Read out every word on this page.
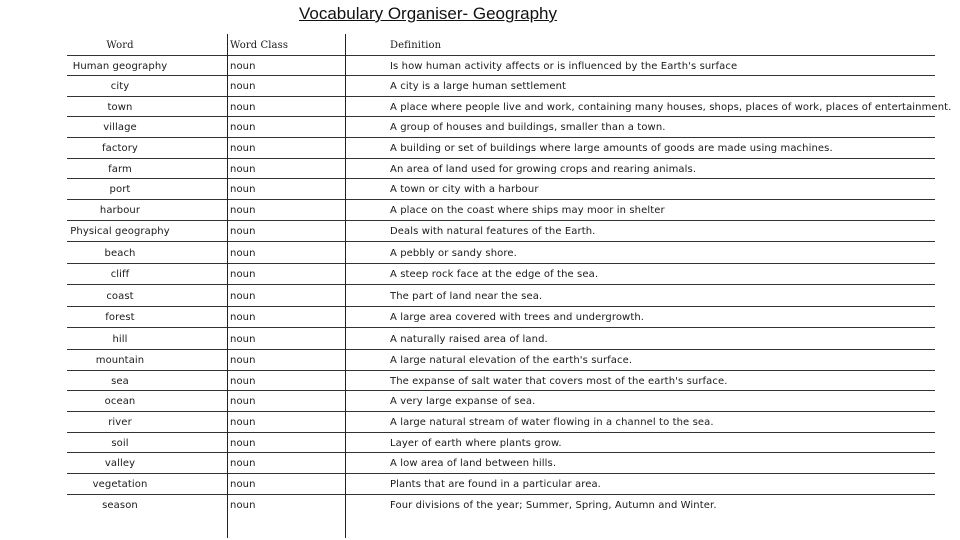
Vocabulary Organiser- Geography
Word	Word Class	Definition
Human geography	noun	Is how human activity affects or is influenced by the Earth's surface
city	noun	A city is a large human settlement
town	noun	A place where people live and work, containing many houses, shops, places of work, places of entertainment.
village	noun	A group of houses and buildings, smaller than a town.
factory	noun	A building or set of buildings where large amounts of goods are made using machines.
farm	noun	An area of land used for growing crops and rearing animals.
port	noun	A town or city with a harbour
harbour	noun	A place on the coast where ships may moor in shelter
Physical geography	noun	Deals with natural features of the Earth.
beach	noun	A pebbly or sandy shore.
cliff	noun	A steep rock face at the edge of the sea.
coast	noun	The part of land near the sea.
forest	noun	A large area covered with trees and undergrowth.
hill	noun	A naturally raised area of land.
mountain	noun	A large natural elevation of the earth's surface.
sea	noun	The expanse of salt water that covers most of the earth's surface.
ocean	noun	A very large expanse of sea.
river	noun	A large natural stream of water flowing in a channel to the sea.
soil	noun	Layer of earth where plants grow.
valley	noun	A low area of land between hills.
vegetation	noun	Plants that are found in a particular area.
season	noun	Four divisions of the year; Summer, Spring, Autumn and Winter.
